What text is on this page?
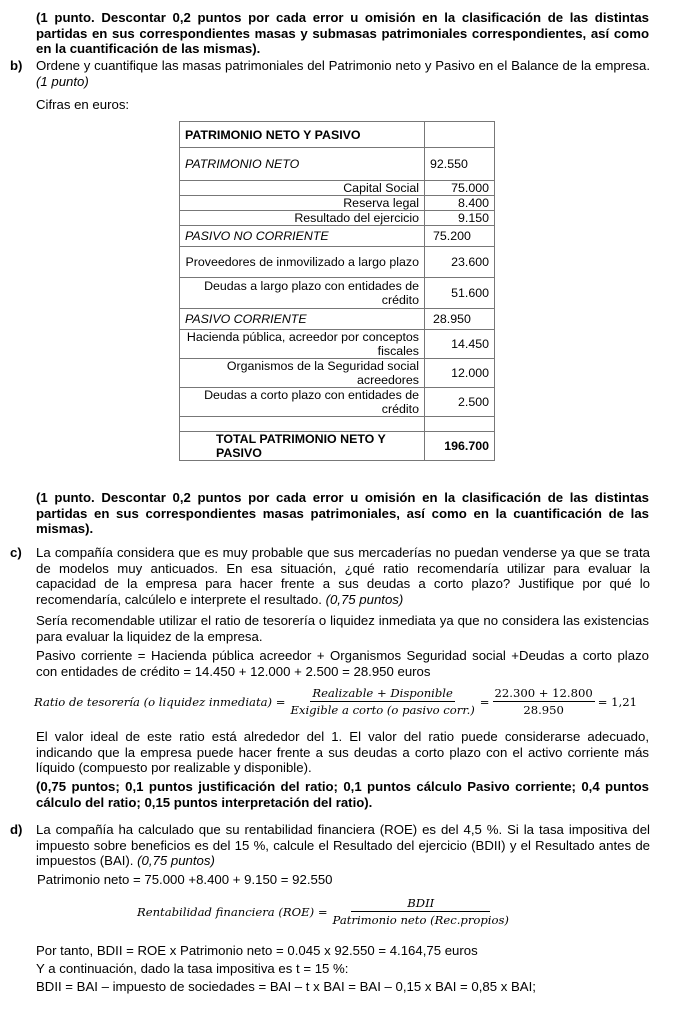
(1 punto. Descontar 0,2 puntos por cada error u omisión en la clasificación de las distintas partidas en sus correspondientes masas y submasas patrimoniales correspondientes, así como en la cuantificación de las mismas).
b) Ordene y cuantifique las masas patrimoniales del Patrimonio neto y Pasivo en el Balance de la empresa. (1 punto)
Cifras en euros:
PATRIMONIO NETO Y PASIVO	
PATRIMONIO NETO	92.550
Capital Social	75.000
Reserva legal	8.400
Resultado del ejercicio	9.150
PASIVO NO CORRIENTE	75.200
Proveedores de inmovilizado a largo plazo	23.600
Deudas a largo plazo con entidades de crédito	51.600
PASIVO CORRIENTE	28.950
Hacienda pública, acreedor por conceptos fiscales	14.450
Organismos de la Seguridad social acreedores	12.000
Deudas a corto plazo con entidades de crédito	2.500

TOTAL PATRIMONIO NETO Y PASIVO	196.700
(1 punto. Descontar 0,2 puntos por cada error u omisión en la clasificación de las distintas partidas en sus correspondientes masas patrimoniales, así como en la cuantificación de las mismas).
c) La compañía considera que es muy probable que sus mercaderías no puedan venderse ya que se trata de modelos muy anticuados. En esa situación, ¿qué ratio recomendaría utilizar para evaluar la capacidad de la empresa para hacer frente a sus deudas a corto plazo? Justifique por qué lo recomendaría, calcúlelo e interprete el resultado. (0,75 puntos)
Sería recomendable utilizar el ratio de tesorería o liquidez inmediata ya que no considera las existencias para evaluar la liquidez de la empresa.
Pasivo corriente = Hacienda pública acreedor + Organismos Seguridad social +Deudas a corto plazo con entidades de crédito = 14.450 + 12.000 + 2.500 = 28.950 euros
Ratio de tesorería (o liquidez inmediata) = $\frac{\text{Realizable + Disponible}}{\text{Exigible a corto (o pasivo corr.)}} = \frac{22.300 + 12.800}{28.950} = 1,21$
El valor ideal de este ratio está alrededor del 1. El valor del ratio puede considerarse adecuado, indicando que la empresa puede hacer frente a sus deudas a corto plazo con el activo corriente más líquido (compuesto por realizable y disponible).
(0,75 puntos; 0,1 puntos justificación del ratio; 0,1 puntos cálculo Pasivo corriente; 0,4 puntos cálculo del ratio; 0,15 puntos interpretación del ratio).
d) La compañía ha calculado que su rentabilidad financiera (ROE) es del 4,5 %. Si la tasa impositiva del impuesto sobre beneficios es del 15 %, calcule el Resultado del ejercicio (BDII) y el Resultado antes de impuestos (BAI). (0,75 puntos)
Patrimonio neto = 75.000 +8.400 + 9.150 = 92.550
Rentabilidad financiera $(ROE) = \frac{\text{BDII}}{\text{Patrimonio neto (Rec.propios)}}$
Por tanto, BDII = ROE x Patrimonio neto = 0.045 x 92.550 = 4.164,75 euros
Y a continuación, dado la tasa impositiva es t = 15 %:
BDII = BAI – impuesto de sociedades = BAI – t x BAI = BAI – 0,15 x BAI = 0,85 x BAI;
